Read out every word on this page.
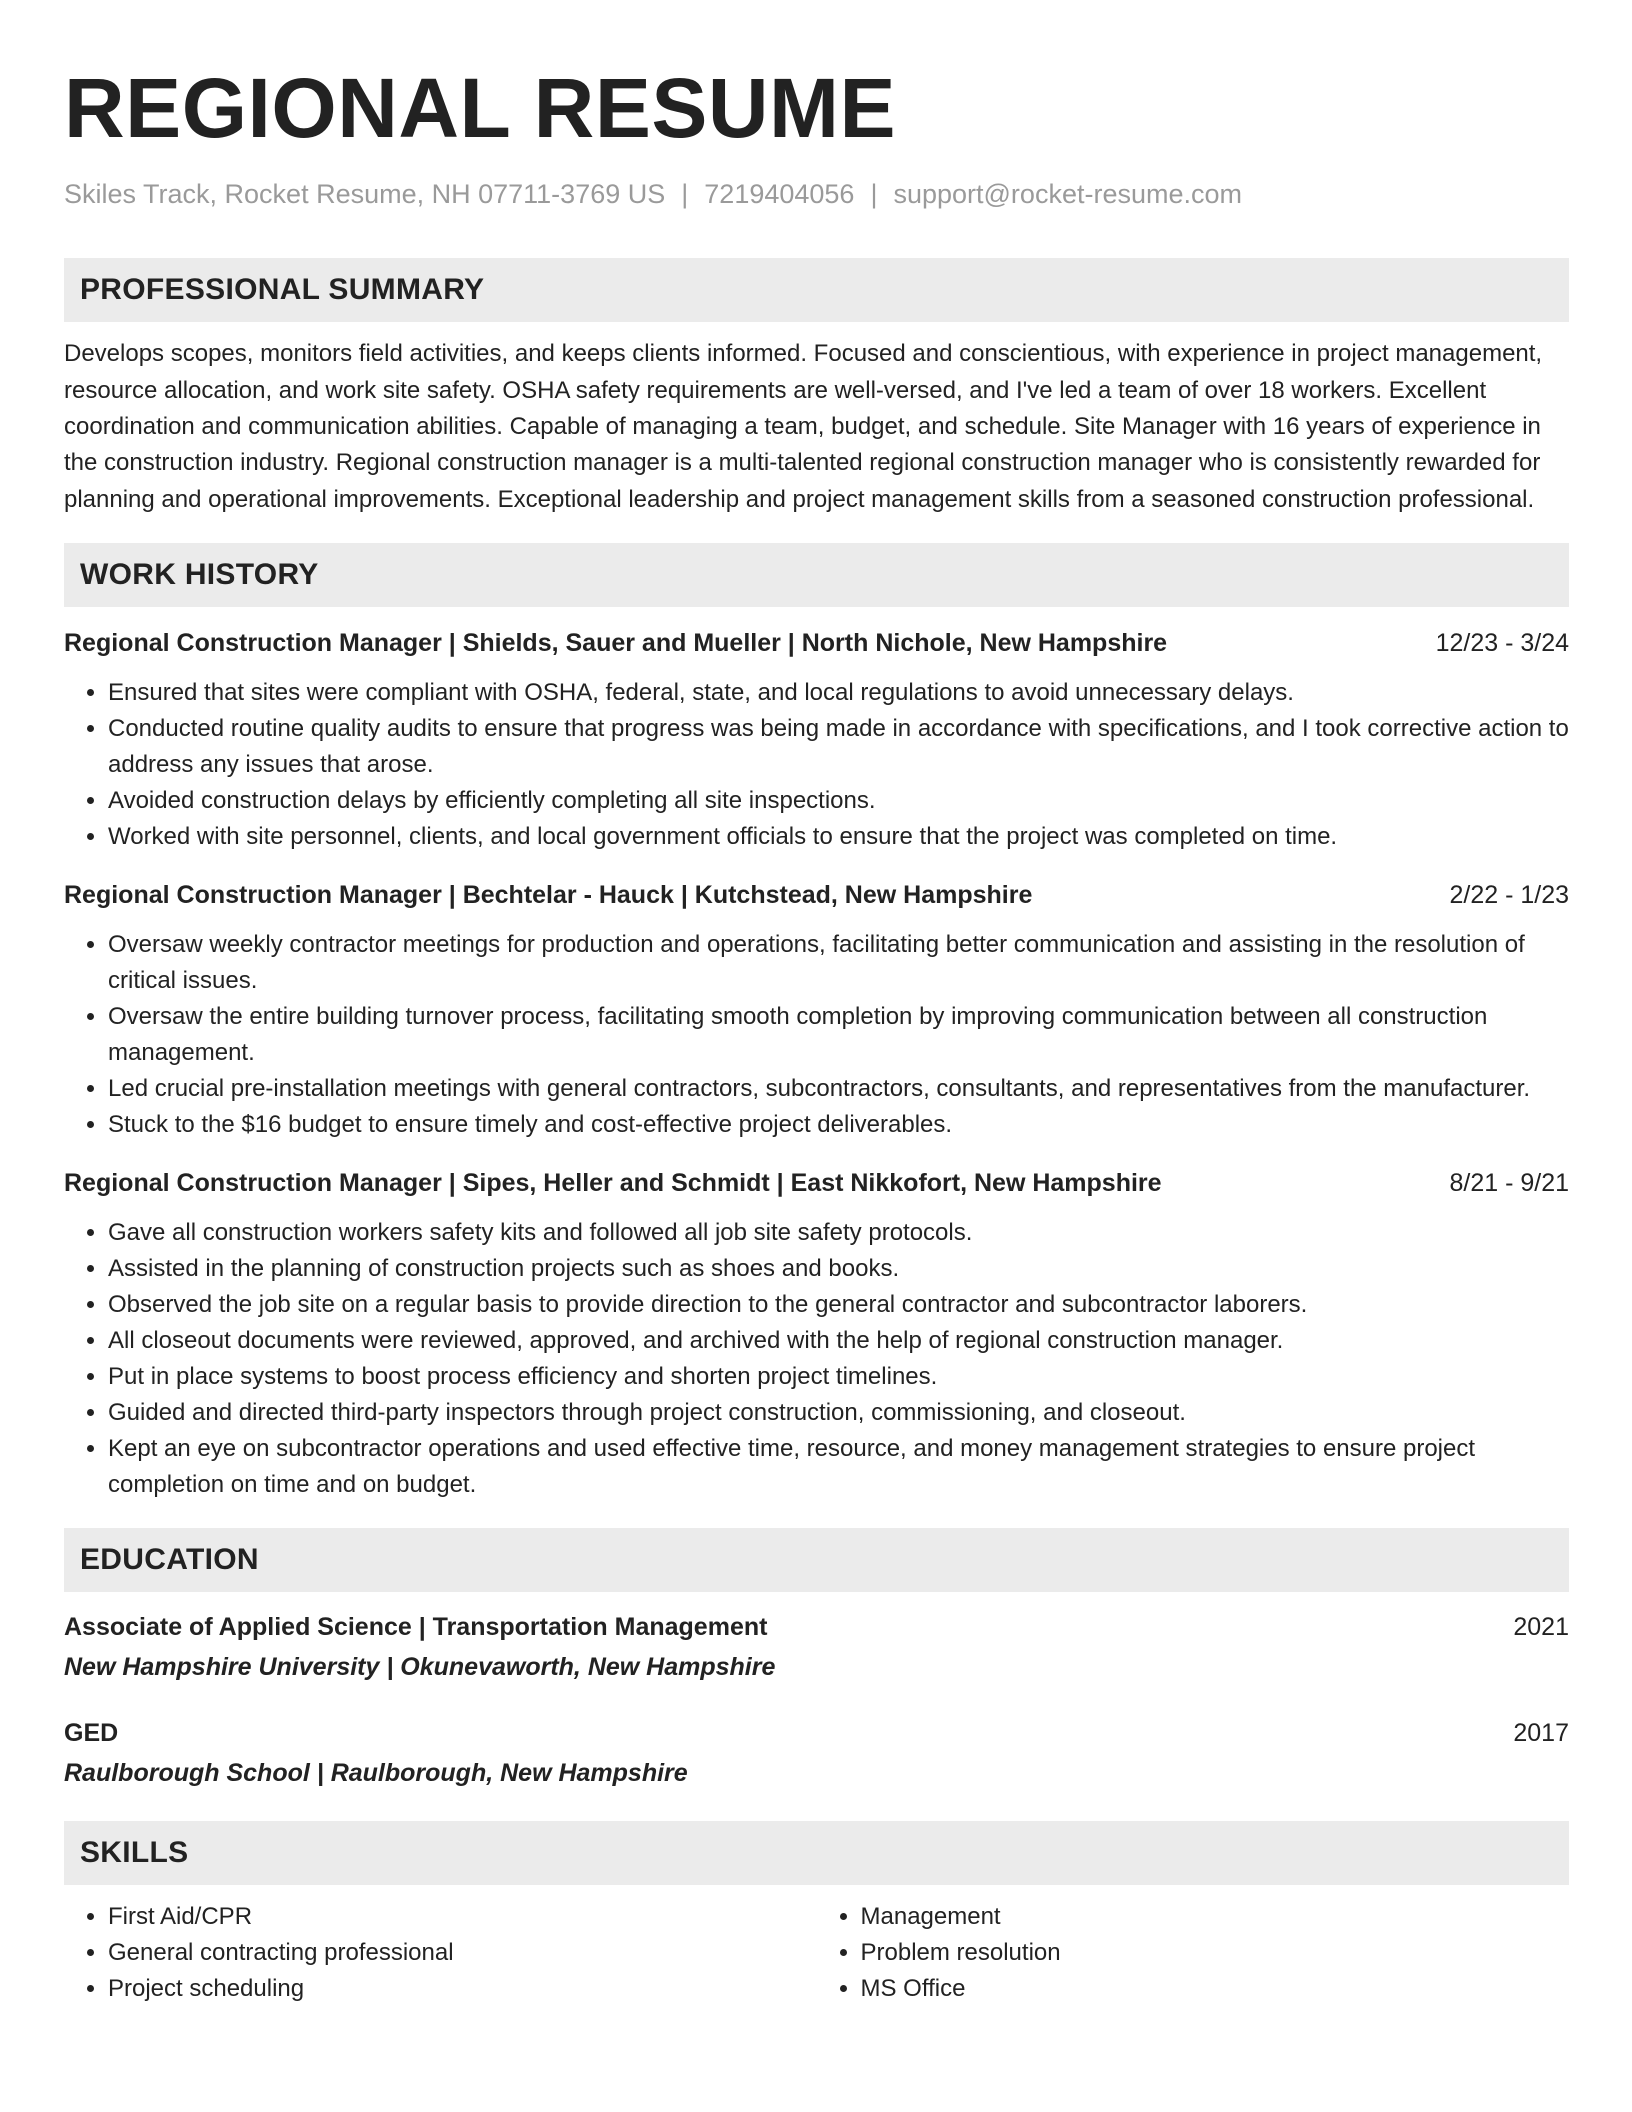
REGIONAL RESUME
Skiles Track, Rocket Resume, NH 07711-3769 US | 7219404056 | support@rocket-resume.com
PROFESSIONAL SUMMARY
Develops scopes, monitors field activities, and keeps clients informed. Focused and conscientious, with experience in project management, resource allocation, and work site safety. OSHA safety requirements are well-versed, and I've led a team of over 18 workers. Excellent coordination and communication abilities. Capable of managing a team, budget, and schedule. Site Manager with 16 years of experience in the construction industry. Regional construction manager is a multi-talented regional construction manager who is consistently rewarded for planning and operational improvements. Exceptional leadership and project management skills from a seasoned construction professional.
WORK HISTORY
Regional Construction Manager | Shields, Sauer and Mueller | North Nichole, New Hampshire	12/23 - 3/24
• Ensured that sites were compliant with OSHA, federal, state, and local regulations to avoid unnecessary delays.
• Conducted routine quality audits to ensure that progress was being made in accordance with specifications, and I took corrective action to address any issues that arose.
• Avoided construction delays by efficiently completing all site inspections.
• Worked with site personnel, clients, and local government officials to ensure that the project was completed on time.
Regional Construction Manager | Bechtelar - Hauck | Kutchstead, New Hampshire	2/22 - 1/23
• Oversaw weekly contractor meetings for production and operations, facilitating better communication and assisting in the resolution of critical issues.
• Oversaw the entire building turnover process, facilitating smooth completion by improving communication between all construction management.
• Led crucial pre-installation meetings with general contractors, subcontractors, consultants, and representatives from the manufacturer.
• Stuck to the $16 budget to ensure timely and cost-effective project deliverables.
Regional Construction Manager | Sipes, Heller and Schmidt | East Nikkofort, New Hampshire	8/21 - 9/21
• Gave all construction workers safety kits and followed all job site safety protocols.
• Assisted in the planning of construction projects such as shoes and books.
• Observed the job site on a regular basis to provide direction to the general contractor and subcontractor laborers.
• All closeout documents were reviewed, approved, and archived with the help of regional construction manager.
• Put in place systems to boost process efficiency and shorten project timelines.
• Guided and directed third-party inspectors through project construction, commissioning, and closeout.
• Kept an eye on subcontractor operations and used effective time, resource, and money management strategies to ensure project completion on time and on budget.
EDUCATION
Associate of Applied Science | Transportation Management	2021
New Hampshire University | Okunevaworth, New Hampshire
GED	2017
Raulborough School | Raulborough, New Hampshire
SKILLS
• First Aid/CPR
• General contracting professional
• Project scheduling
• Management
• Problem resolution
• MS Office
